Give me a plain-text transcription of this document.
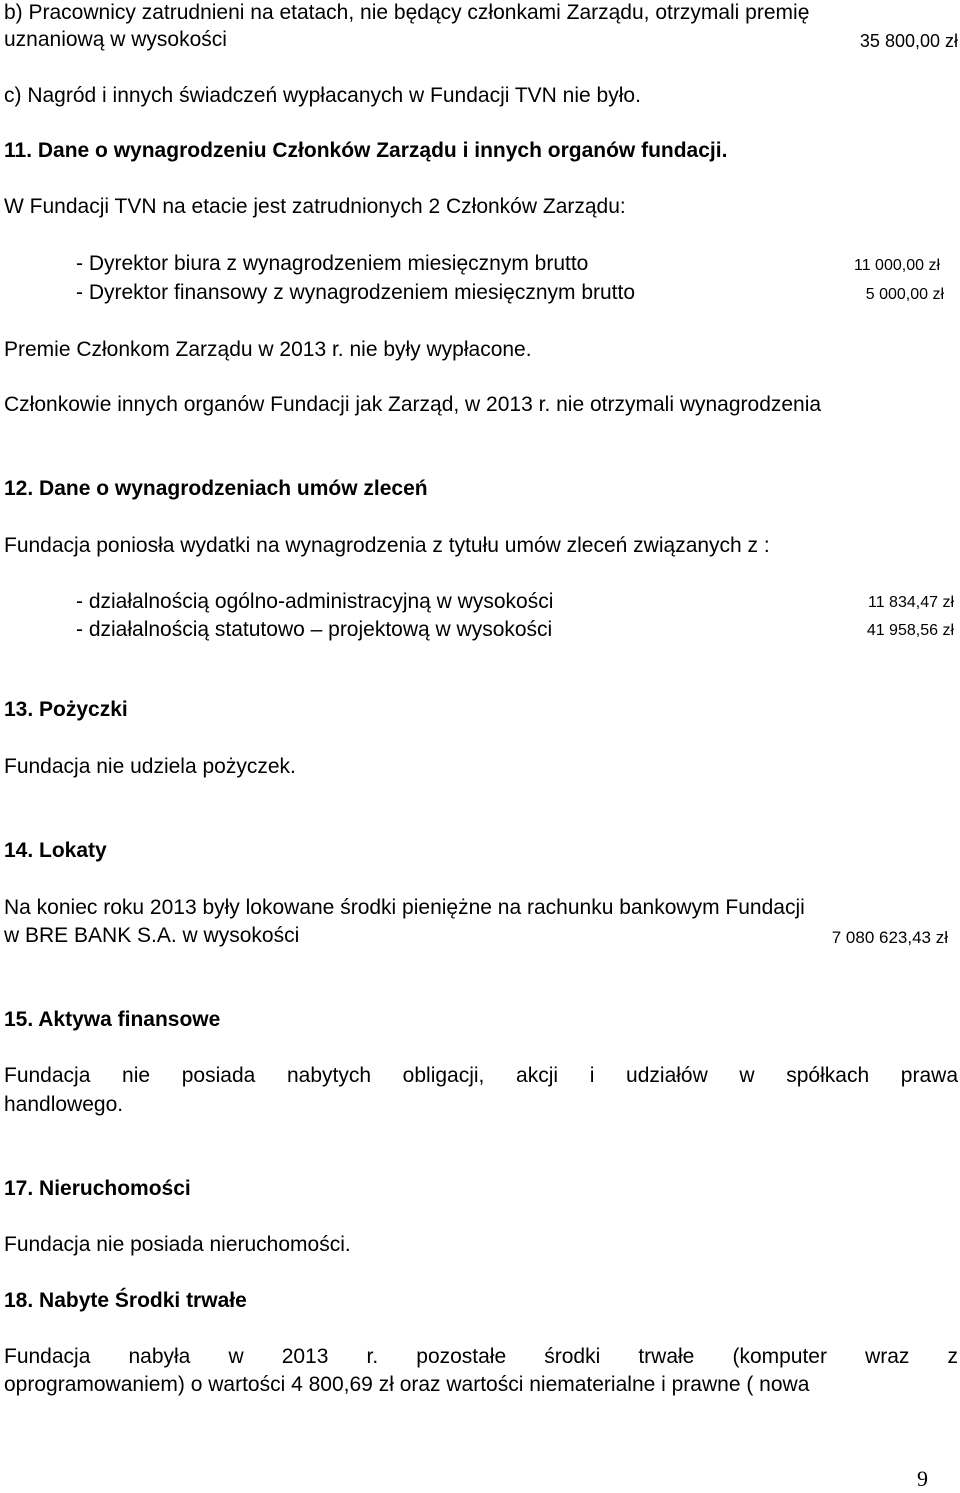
b) Pracownicy zatrudnieni na etatach, nie będący członkami Zarządu, otrzymali premię
uznaniową w wysokości	35 800,00 zł
c) Nagród i innych świadczeń wypłacanych w Fundacji TVN nie było.
11. Dane o wynagrodzeniu Członków Zarządu i innych organów fundacji.
W Fundacji TVN na etacie jest zatrudnionych 2 Członków Zarządu:
- Dyrektor biura z wynagrodzeniem miesięcznym brutto	11 000,00 zł
- Dyrektor finansowy z wynagrodzeniem miesięcznym brutto	5 000,00 zł
Premie Członkom Zarządu w 2013 r. nie były wypłacone.
Członkowie innych organów Fundacji jak Zarząd, w 2013 r. nie otrzymali wynagrodzenia
12. Dane o wynagrodzeniach umów zleceń
Fundacja poniosła wydatki na wynagrodzenia z tytułu umów zleceń związanych z :
- działalnością ogólno-administracyjną w wysokości	11 834,47 zł
- działalnością statutowo – projektową w wysokości	41 958,56 zł
13. Pożyczki
Fundacja nie udziela pożyczek.
14. Lokaty
Na koniec roku 2013 były lokowane środki pieniężne na rachunku bankowym Fundacji
w BRE BANK S.A. w wysokości	7 080 623,43 zł
15. Aktywa finansowe
Fundacja nie posiada nabytych obligacji, akcji i udziałów w spółkach prawa
handlowego.
17. Nieruchomości
Fundacja nie posiada nieruchomości.
18. Nabyte Środki trwałe
Fundacja nabyła w 2013 r. pozostałe środki trwałe (komputer wraz z
oprogramowaniem) o wartości 4 800,69 zł oraz wartości niematerialne i prawne ( nowa
9
